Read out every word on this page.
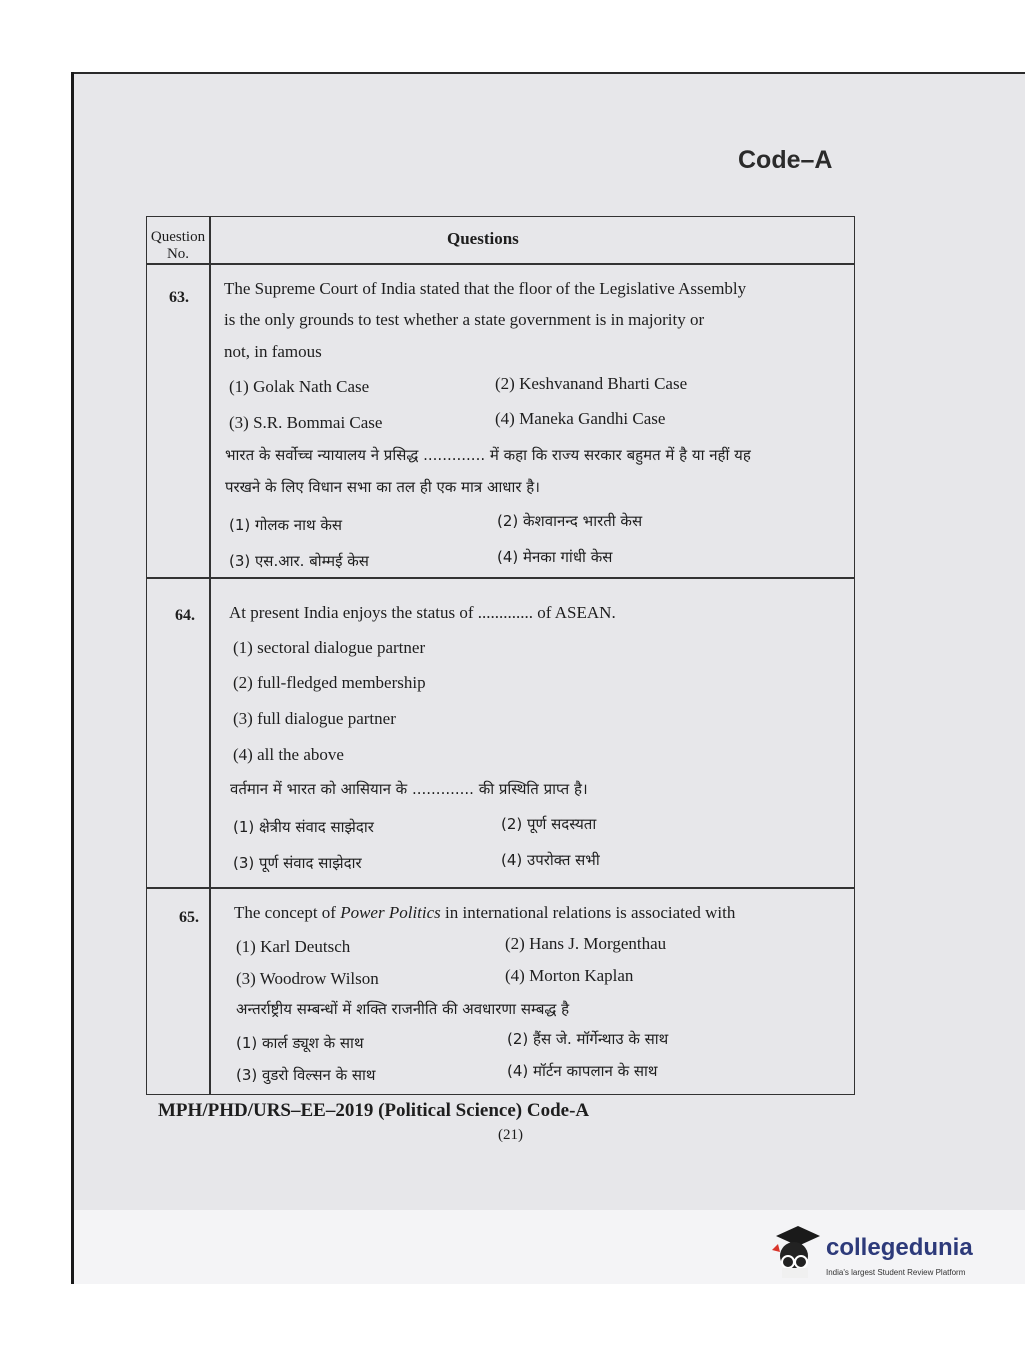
Code–A
Question No.
Questions
63. The Supreme Court of India stated that the floor of the Legislative Assembly
is the only grounds to test whether a state government is in majority or
not, in famous
(1) Golak Nath Case	(2) Keshvanand Bharti Case
(3) S.R. Bommai Case	(4) Maneka Gandhi Case
भारत के सर्वोच्च न्यायालय ने प्रसिद्ध ............. में कहा कि राज्य सरकार बहुमत में है या नहीं यह
परखने के लिए विधान सभा का तल ही एक मात्र आधार है।
(1) गोलक नाथ केस	(2) केशवानन्द भारती केस
(3) एस.आर. बोम्मई केस	(4) मेनका गांधी केस
64. At present India enjoys the status of ............. of ASEAN.
(1) sectoral dialogue partner
(2) full-fledged membership
(3) full dialogue partner
(4) all the above
वर्तमान में भारत को आसियान के ............. की प्रस्थिति प्राप्त है।
(1) क्षेत्रीय संवाद साझेदार	(2) पूर्ण सदस्यता
(3) पूर्ण संवाद साझेदार	(4) उपरोक्त सभी
65. The concept of Power Politics in international relations is associated with
(1) Karl Deutsch	(2) Hans J. Morgenthau
(3) Woodrow Wilson	(4) Morton Kaplan
अन्तर्राष्ट्रीय सम्बन्धों में शक्ति राजनीति की अवधारणा सम्बद्ध है
(1) कार्ल ड्यूश के साथ	(2) हैंस जे. मॉर्गेन्थाउ के साथ
(3) वुडरो विल्सन के साथ	(4) मॉर्टन कापलान के साथ
MPH/PHD/URS–EE–2019 (Political Science) Code-A
(21)
collegedunia
India's largest Student Review Platform
